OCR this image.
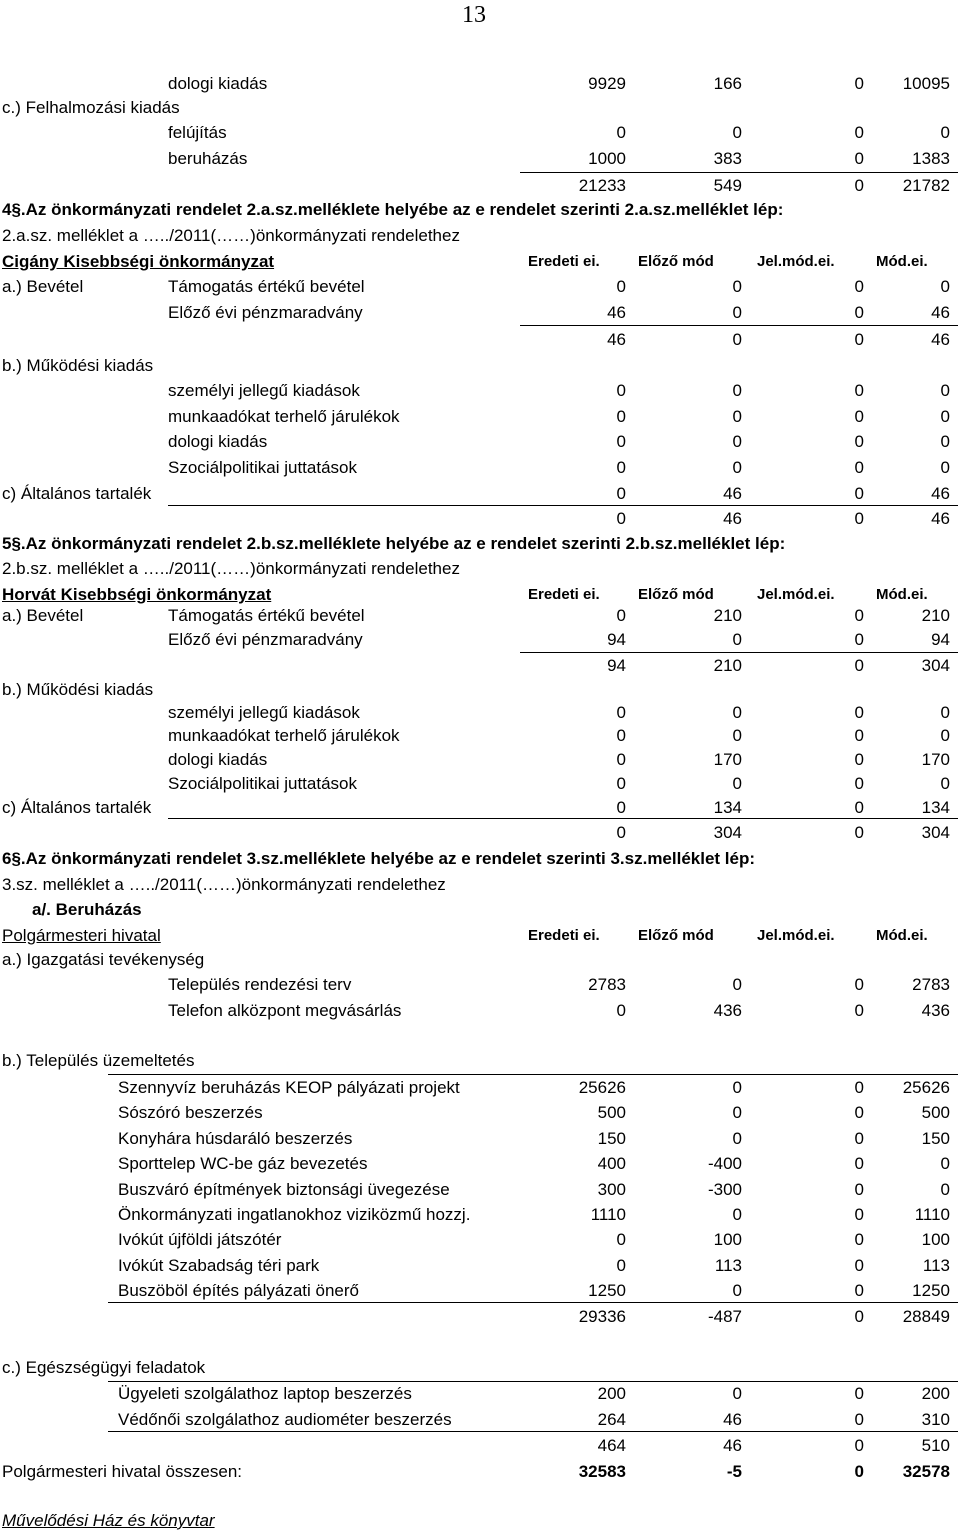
13
dologi kiadás	9929	166	0	10095
c.) Felhalmozási kiadás
felújítás	0	0	0	0
beruházás	1000	383	0	1383
21233	549	0	21782
4§.Az önkormányzati rendelet 2.a.sz.melléklete helyébe az e rendelet szerinti 2.a.sz.melléklet lép:
2.a.sz. melléklet a …../2011(……)önkormányzati rendelethez
Cigány Kisebbségi önkormányzat	Eredeti ei.	Előző mód	Jel.mód.ei.	Mód.ei.
a.) Bevétel	Támogatás értékű bevétel	0	0	0	0
Előző évi pénzmaradvány	46	0	0	46
46	0	0	46
b.) Működési kiadás
személyi jellegű kiadások	0	0	0	0
munkaadókat terhelő járulékok	0	0	0	0
dologi kiadás	0	0	0	0
Szociálpolitikai juttatások	0	0	0	0
c) Általános tartalék	0	46	0	46
0	46	0	46
5§.Az önkormányzati rendelet 2.b.sz.melléklete helyébe az e rendelet szerinti 2.b.sz.melléklet lép:
2.b.sz. melléklet a …../2011(……)önkormányzati rendelethez
Horvát Kisebbségi önkormányzat	Eredeti ei.	Előző mód	Jel.mód.ei.	Mód.ei.
a.) Bevétel	Támogatás értékű bevétel	0	210	0	210
Előző évi pénzmaradvány	94	0	0	94
94	210	0	304
b.) Működési kiadás
személyi jellegű kiadások	0	0	0	0
munkaadókat terhelő járulékok	0	0	0	0
dologi kiadás	0	170	0	170
Szociálpolitikai juttatások	0	0	0	0
c) Általános tartalék	0	134	0	134
0	304	0	304
6§.Az önkormányzati rendelet 3.sz.melléklete helyébe az e rendelet szerinti 3.sz.melléklet lép:
3.sz. melléklet a …../2011(……)önkormányzati rendelethez
a/. Beruházás
Polgármesteri hivatal	Eredeti ei.	Előző mód	Jel.mód.ei.	Mód.ei.
a.) Igazgatási tevékenység
Település rendezési terv	2783	0	0	2783
Telefon alközpont megvásárlás	0	436	0	436
b.) Település üzemeltetés
Szennyvíz beruházás KEOP pályázati projekt	25626	0	0	25626
Sószóró beszerzés	500	0	0	500
Konyhára húsdaráló beszerzés	150	0	0	150
Sporttelep WC-be gáz bevezetés	400	-400	0	0
Buszváró építmények biztonsági üvegezése	300	-300	0	0
Önkormányzati ingatlanokhoz viziközmű hozzj.	1110	0	0	1110
Ivókút újföldi játszótér	0	100	0	100
Ivókút Szabadság téri park	0	113	0	113
Buszöböl építés pályázati önerő	1250	0	0	1250
29336	-487	0	28849
c.) Egészségügyi feladatok
Ügyeleti szolgálathoz laptop beszerzés	200	0	0	200
Védőnői szolgálathoz audiométer beszerzés	264	46	0	310
464	46	0	510
Polgármesteri hivatal összesen:	32583	-5	0	32578
Művelődési Ház és könyvtar
